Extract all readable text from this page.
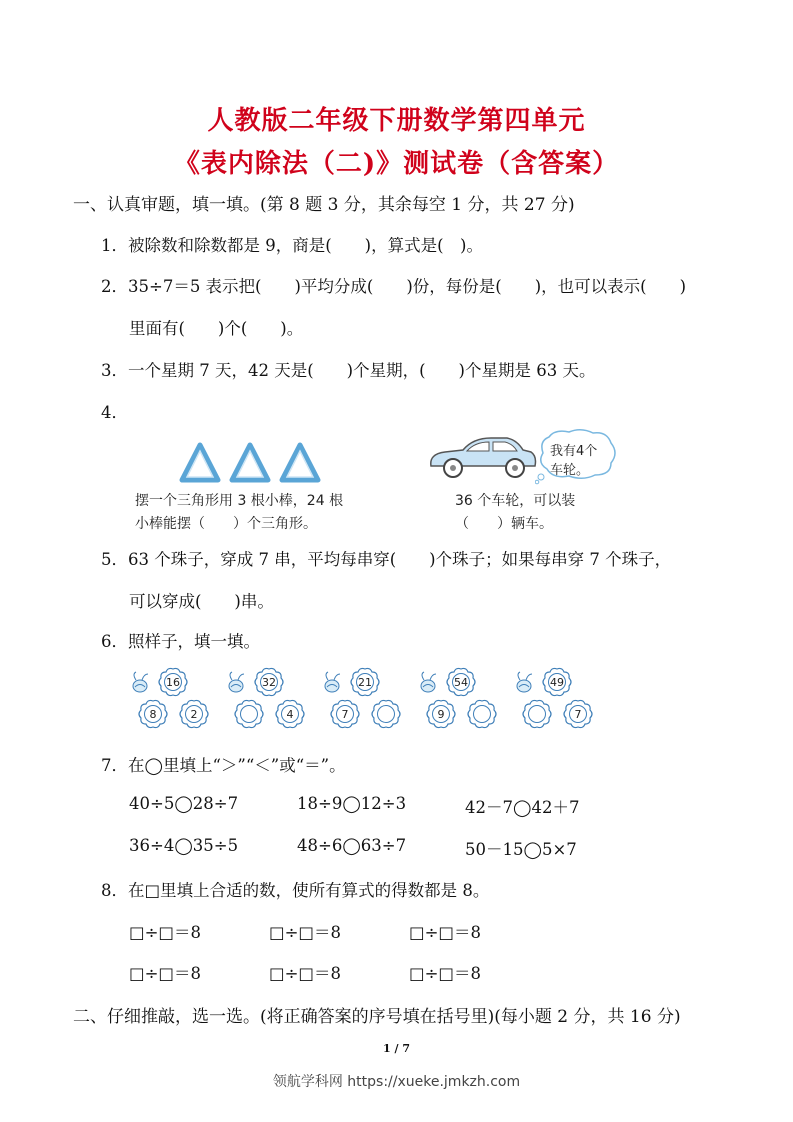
人教版二年级下册数学第四单元
《表内除法（二)》测试卷（含答案）
一、认真审题，填一填。(第 8 题 3 分，其余每空 1 分，共 27 分)
1．被除数和除数都是 9，商是(　　)，算式是(　)。
2．35÷7＝5 表示把(　　)平均分成(　　)份，每份是(　　)，也可以表示(　　)
里面有(　　)个(　　)。
3．一个星期 7 天，42 天是(　　)个星期，(　　)个星期是 63 天。
4．
摆一个三角形用 3 根小棒，24 根
小棒能摆（　　）个三角形。
我有4个
车轮。
36 个车轮，可以装
（　　）辆车。
5．63 个珠子，穿成 7 串，平均每串穿(　　)个珠子；如果每串穿 7 个珠子，
可以穿成(　　)串。
6．照样子，填一填。
16
8	2
32
4
21
7
54
9
49
7
7．在◯里填上“＞”“＜”或“＝”。
40÷5◯28÷7	18÷9◯12÷3	42－7◯42＋7
36÷4◯35÷5	48÷6◯63÷7	50－15◯5×7
8．在□里填上合适的数，使所有算式的得数都是 8。
□÷□＝8	□÷□＝8	□÷□＝8
□÷□＝8	□÷□＝8	□÷□＝8
二、仔细推敲，选一选。(将正确答案的序号填在括号里)(每小题 2 分，共 16 分)
1 / 7
领航学科网 https://xueke.jmkzh.com
